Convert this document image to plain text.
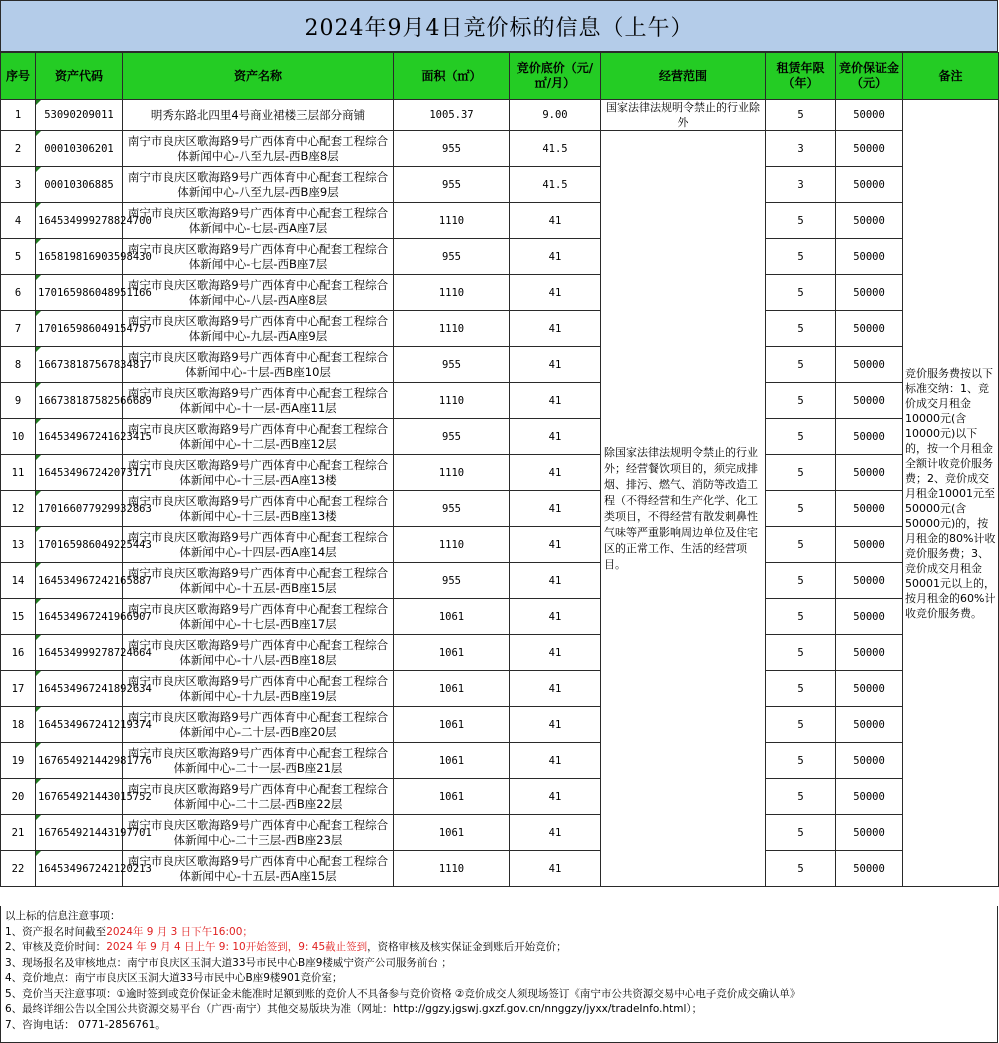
2024年9月4日竞价标的信息（上午）
序号	资产代码	资产名称	面积（㎡）	竞价底价（元/㎡/月）	经营范围	租赁年限（年）	竞价保证金（元）	备注
1	53090209011	明秀东路北四里4号商业裙楼三层部分商铺	1005.37	9.00	国家法律法规明令禁止的行业除外	5	50000	竞价服务费按以下标准交纳：1、竞价成交月租金10000元(含10000元)以下的，按一个月租金全额计收竞价服务费；2、竞价成交月租金10001元至50000元(含50000元)的，按月租金的80%计收竞价服务费；3、竞价成交月租金50001元以上的，按月租金的60%计收竞价服务费。
2	00010306201	南宁市良庆区歌海路9号广西体育中心配套工程综合体新闻中心-八至九层-西B座8层	955	41.5	除国家法律法规明令禁止的行业外；经营餐饮项目的，须完成排烟、排污、燃气、消防等改造工程（不得经营和生产化学、化工类项目，不得经营有散发刺鼻性气味等严重影响周边单位及住宅区的正常工作、生活的经营项目。	3	50000	
3	00010306885	南宁市良庆区歌海路9号广西体育中心配套工程综合体新闻中心-八至九层-西B座9层	955	41.5		3	50000	
4	164534999278824700	南宁市良庆区歌海路9号广西体育中心配套工程综合体新闻中心-七层-西A座7层	1110	41		5	50000	
5	165819816903598430	南宁市良庆区歌海路9号广西体育中心配套工程综合体新闻中心-七层-西B座7层	955	41		5	50000	
6	170165986048951166	南宁市良庆区歌海路9号广西体育中心配套工程综合体新闻中心-八层-西A座8层	1110	41		5	50000	
7	170165986049154757	南宁市良庆区歌海路9号广西体育中心配套工程综合体新闻中心-九层-西A座9层	1110	41		5	50000	
8	166738187567834817	南宁市良庆区歌海路9号广西体育中心配套工程综合体新闻中心-十层-西B座10层	955	41		5	50000	
9	166738187582566689	南宁市良庆区歌海路9号广西体育中心配套工程综合体新闻中心-十一层-西A座11层	1110	41		5	50000	
10	164534967241623415	南宁市良庆区歌海路9号广西体育中心配套工程综合体新闻中心-十二层-西B座12层	955	41		5	50000	
11	164534967242073171	南宁市良庆区歌海路9号广西体育中心配套工程综合体新闻中心-十三层-西A座13楼	1110	41		5	50000	
12	170166077929932863	南宁市良庆区歌海路9号广西体育中心配套工程综合体新闻中心-十三层-西B座13楼	955	41		5	50000	
13	170165986049225443	南宁市良庆区歌海路9号广西体育中心配套工程综合体新闻中心-十四层-西A座14层	1110	41		5	50000	
14	164534967242165887	南宁市良庆区歌海路9号广西体育中心配套工程综合体新闻中心-十五层-西B座15层	955	41		5	50000	
15	164534967241966907	南宁市良庆区歌海路9号广西体育中心配套工程综合体新闻中心-十七层-西B座17层	1061	41		5	50000	
16	164534999278724664	南宁市良庆区歌海路9号广西体育中心配套工程综合体新闻中心-十八层-西B座18层	1061	41		5	50000	
17	164534967241892634	南宁市良庆区歌海路9号广西体育中心配套工程综合体新闻中心-十九层-西B座19层	1061	41		5	50000	
18	164534967241219374	南宁市良庆区歌海路9号广西体育中心配套工程综合体新闻中心-二十层-西B座20层	1061	41		5	50000	
19	167654921442981776	南宁市良庆区歌海路9号广西体育中心配套工程综合体新闻中心-二十一层-西B座21层	1061	41		5	50000	
20	167654921443015752	南宁市良庆区歌海路9号广西体育中心配套工程综合体新闻中心-二十二层-西B座22层	1061	41		5	50000	
21	167654921443197701	南宁市良庆区歌海路9号广西体育中心配套工程综合体新闻中心-二十三层-西B座23层	1061	41		5	50000	
22	164534967242120213	南宁市良庆区歌海路9号广西体育中心配套工程综合体新闻中心-十五层-西A座15层	1110	41		5	50000	
以上标的信息注意事项：
1、资产报名时间截至2024年 9 月 3 日下午16:00；
2、审核及竞价时间：2024 年 9 月 4 日上午 9: 10开始签到，9: 45截止签到，资格审核及核实保证金到账后开始竞价；
3、现场报名及审核地点：南宁市良庆区玉洞大道33号市民中心B座9楼威宁资产公司服务前台 ；
4、竞价地点：南宁市良庆区玉洞大道33号市民中心B座9楼901竞价室；
5、竞价当天注意事项：①逾时签到或竞价保证金未能准时足额到账的竞价人不具备参与竞价资格 ②竞价成交人须现场签订《南宁市公共资源交易中心电子竞价成交确认单》
6、最终详细公告以全国公共资源交易平台（广西·南宁）其他交易版块为准（网址：http://ggzy.jgswj.gxzf.gov.cn/nnggzy/jyxx/tradeInfo.html）；
7、咨询电话： 0771-2856761。
